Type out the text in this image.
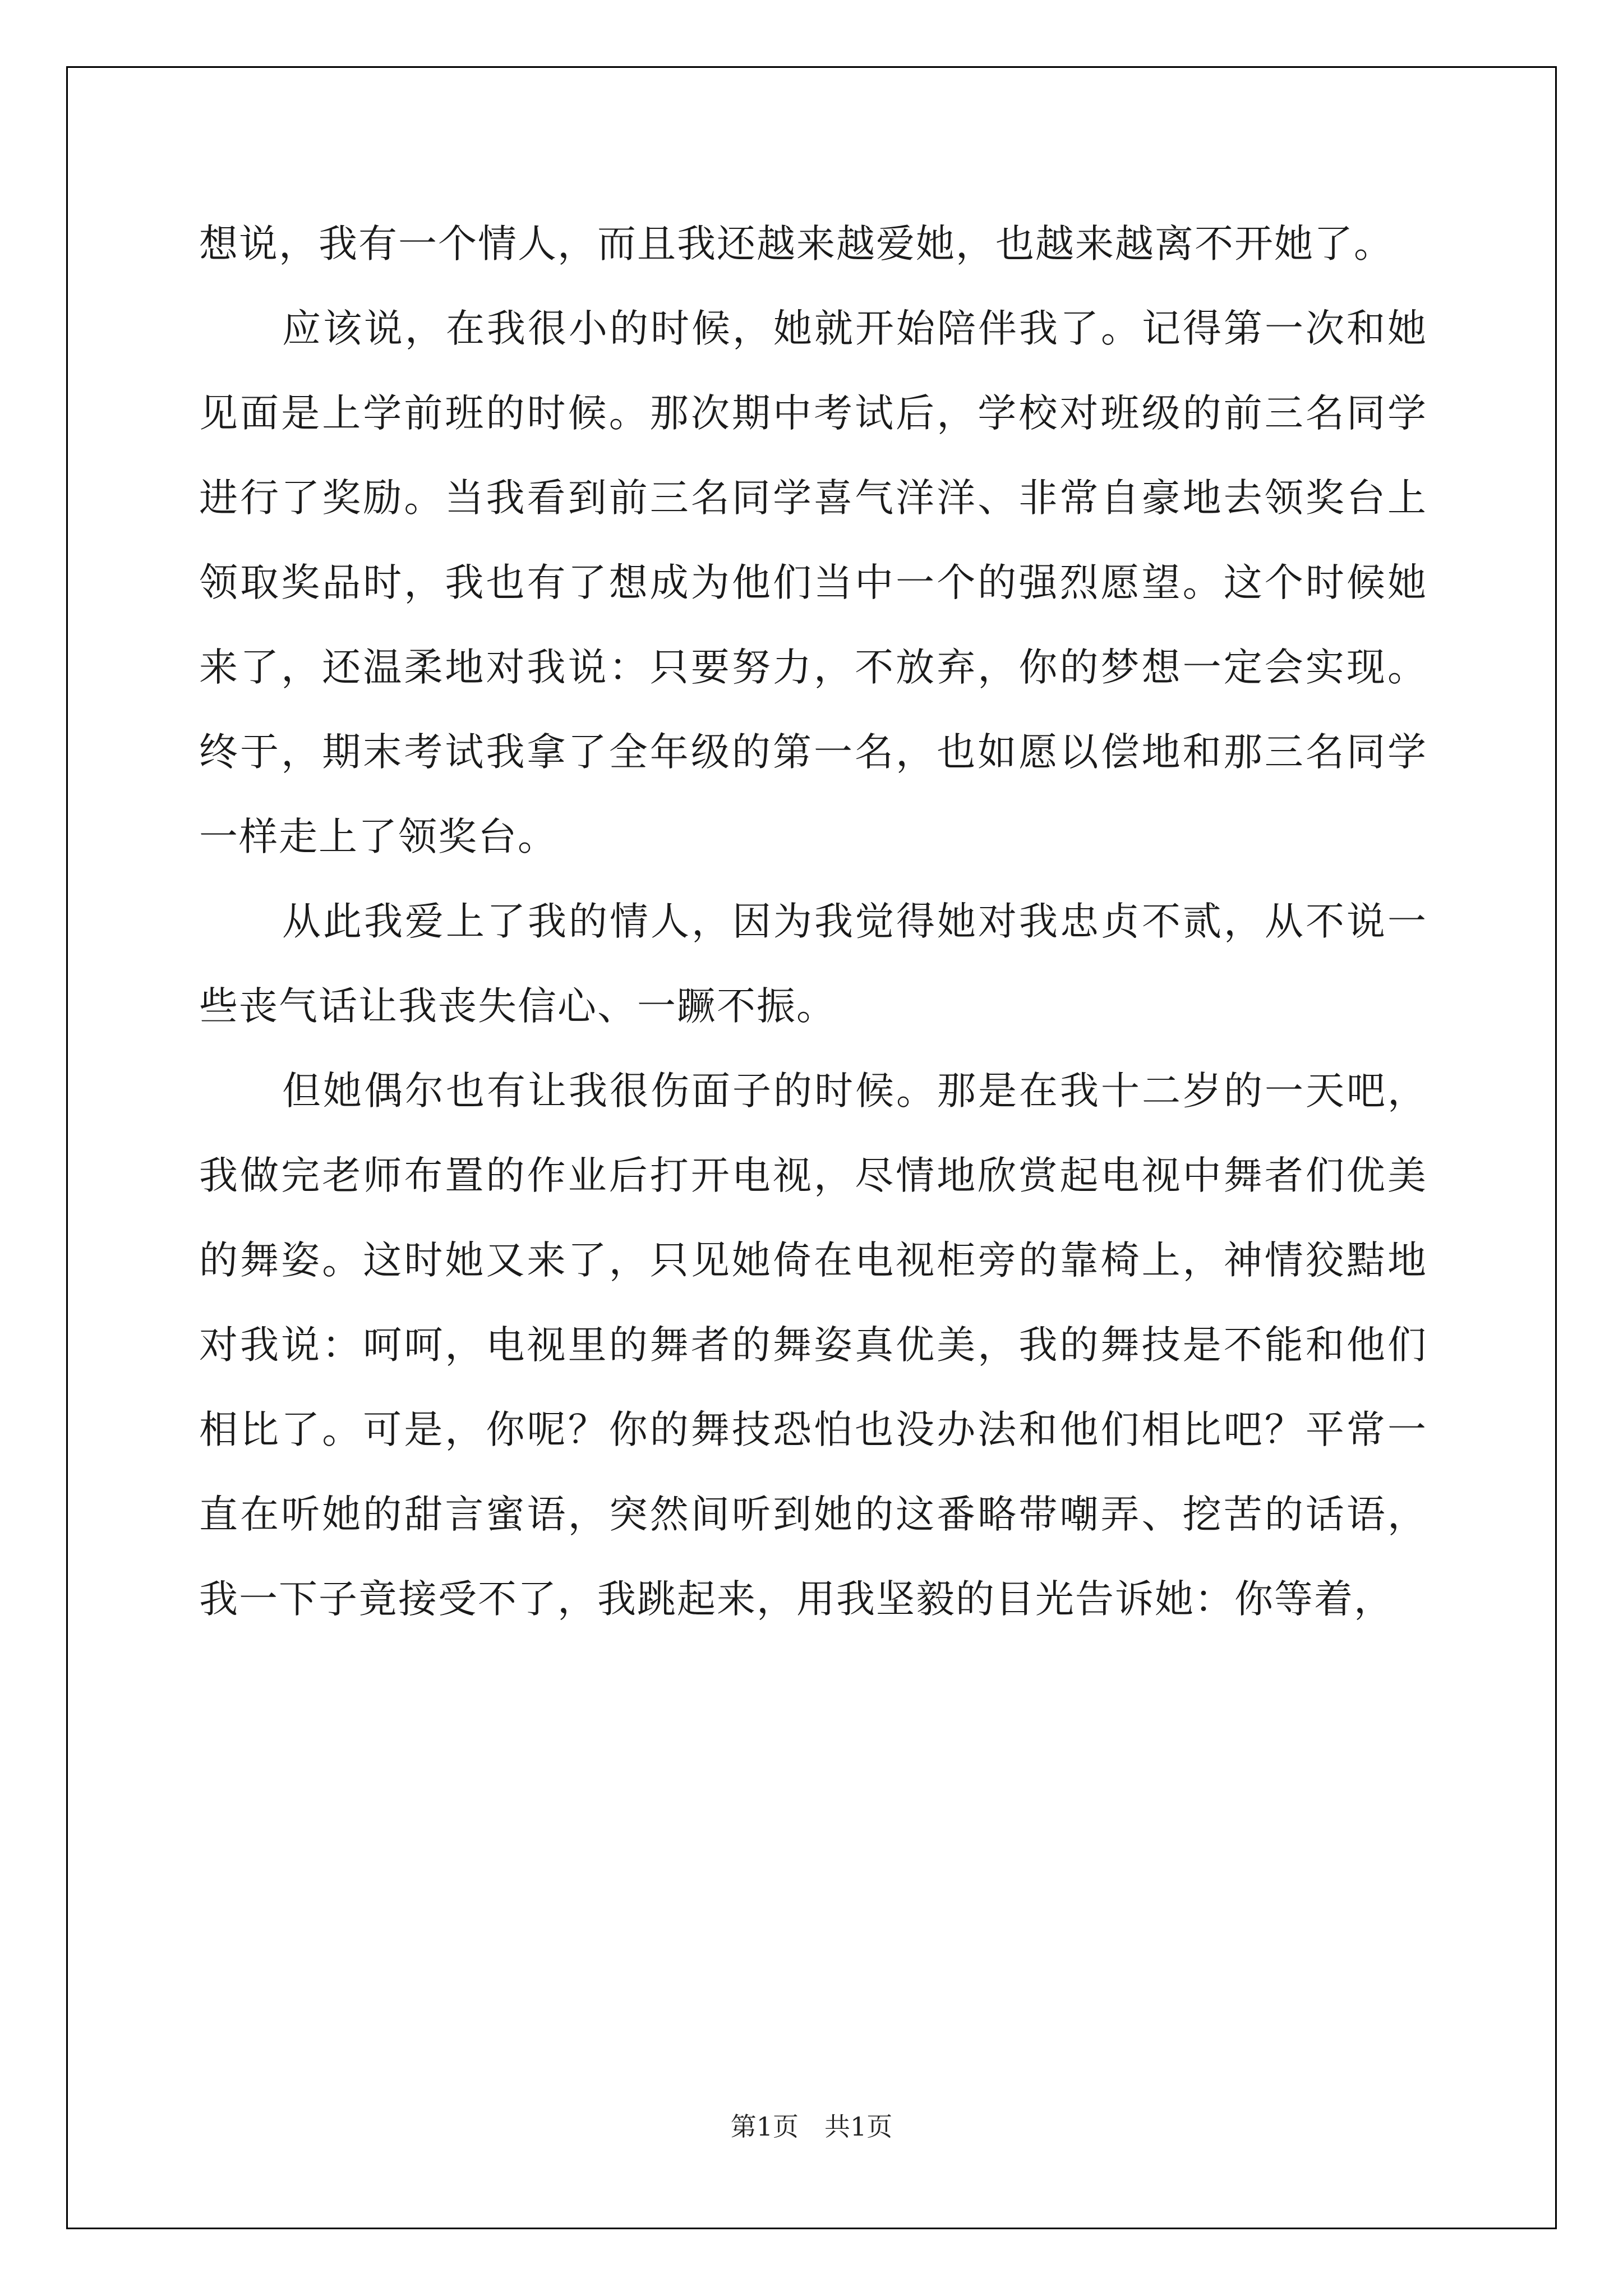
想说，我有一个情人，而且我还越来越爱她，也越来越离不开她了。

应该说，在我很小的时候，她就开始陪伴我了。记得第一次和她见面是上学前班的时候。那次期中考试后，学校对班级的前三名同学进行了奖励。当我看到前三名同学喜气洋洋、非常自豪地去领奖台上领取奖品时，我也有了想成为他们当中一个的强烈愿望。这个时候她来了，还温柔地对我说：只要努力，不放弃，你的梦想一定会实现。终于，期末考试我拿了全年级的第一名，也如愿以偿地和那三名同学一样走上了领奖台。

从此我爱上了我的情人，因为我觉得她对我忠贞不贰，从不说一些丧气话让我丧失信心、一蹶不振。

但她偶尔也有让我很伤面子的时候。那是在我十二岁的一天吧，我做完老师布置的作业后打开电视，尽情地欣赏起电视中舞者们优美的舞姿。这时她又来了，只见她倚在电视柜旁的靠椅上，神情狡黠地对我说：呵呵，电视里的舞者的舞姿真优美，我的舞技是不能和他们相比了。可是，你呢？你的舞技恐怕也没办法和他们相比吧？平常一直在听她的甜言蜜语，突然间听到她的这番略带嘲弄、挖苦的话语，我一下子竟接受不了，我跳起来，用我坚毅的目光告诉她：你等着，

第1页 共1页
